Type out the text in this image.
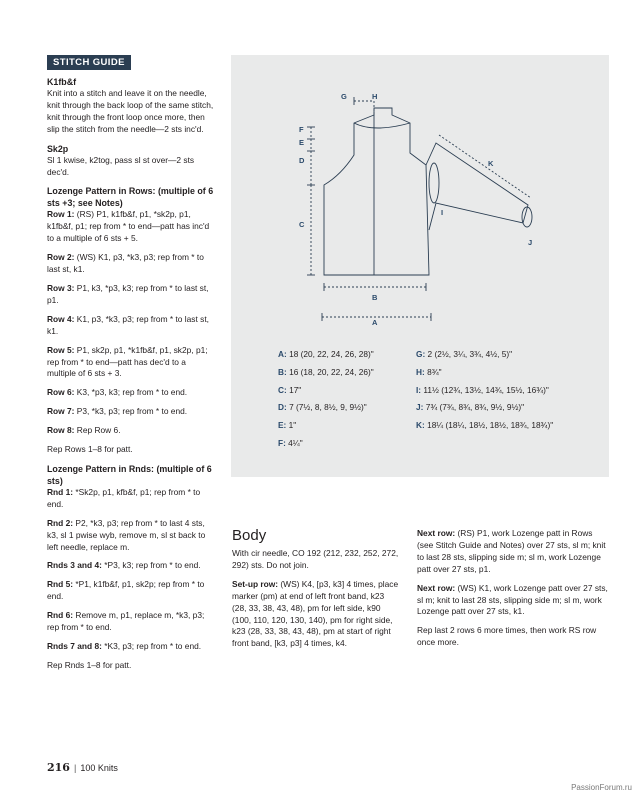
STITCH GUIDE
K1fb&f

Knit into a stitch and leave it on the needle, knit through the back loop of the same stitch, knit through the front loop once more, then slip the stitch from the needle—2 sts inc'd.

Sk2p

Sl 1 kwise, k2tog, pass sl st over—2 sts dec'd.

Lozenge Pattern in Rows: (multiple of 6 sts +3; see Notes)

Row 1: (RS) P1, k1fb&f, p1, *sk2p, p1, k1fb&f, p1; rep from * to end—patt has inc'd to a multiple of 6 sts + 5.

Row 2: (WS) K1, p3, *k3, p3; rep from * to last st, k1.

Row 3: P1, k3, *p3, k3; rep from * to last st, p1.

Row 4: K1, p3, *k3, p3; rep from * to last st, k1.

Row 5: P1, sk2p, p1, *k1fb&f, p1, sk2p, p1; rep from * to end—patt has dec'd to a multiple of 6 sts + 3.

Row 6: K3, *p3, k3; rep from * to end.

Row 7: P3, *k3, p3; rep from * to end.

Row 8: Rep Row 6.

Rep Rows 1–8 for patt.

Lozenge Pattern in Rnds: (multiple of 6 sts)

Rnd 1: *Sk2p, p1, kfb&f, p1; rep from * to end.

Rnd 2: P2, *k3, p3; rep from * to last 4 sts, k3, sl 1 pwise wyb, remove m, sl st back to left needle, replace m.

Rnds 3 and 4: *P3, k3; rep from * to end.

Rnd 5: *P1, k1fb&f, p1, sk2p; rep from * to end.

Rnd 6: Remove m, p1, replace m, *k3, p3; rep from * to end.

Rnds 7 and 8: *K3, p3; rep from * to end.

Rep Rnds 1–8 for patt.

G	H
F
E
D
C
B
A
I
J
K
A: 18 (20, 22, 24, 26, 28)"
B: 16 (18, 20, 22, 24, 26)"
C: 17"
D: 7 (7½, 8, 8½, 9, 9½)"
E: 1"
F: 4¼"
G: 2 (2½, 3¼, 3¾, 4½, 5)"
H: 8¾"
I: 11½ (12¾, 13½, 14¾, 15½, 16¾)"
J: 7¾ (7¾, 8¾, 8¾, 9½, 9½)"
K: 18¼ (18¼, 18½, 18½, 18¾, 18¾)"
Body

With cir needle, CO 192 (212, 232, 252, 272, 292) sts. Do not join.

Set-up row: (WS) K4, [p3, k3] 4 times, place marker (pm) at end of left front band, k23 (28, 33, 38, 43, 48), pm for left side, k90 (100, 110, 120, 130, 140), pm for right side, k23 (28, 33, 38, 43, 48), pm at start of right front band, [k3, p3] 4 times, k4.

Next row: (RS) P1, work Lozenge patt in Rows (see Stitch Guide and Notes) over 27 sts, sl m; knit to last 28 sts, slipping side m; sl m, work Lozenge patt over 27 sts, p1.

Next row: (WS) K1, work Lozenge patt over 27 sts, sl m; knit to last 28 sts, slipping side m; sl m, work Lozenge patt over 27 sts, k1.

Rep last 2 rows 6 more times, then work RS row once more.

216 | 100 Knits
PassionForum.ru
